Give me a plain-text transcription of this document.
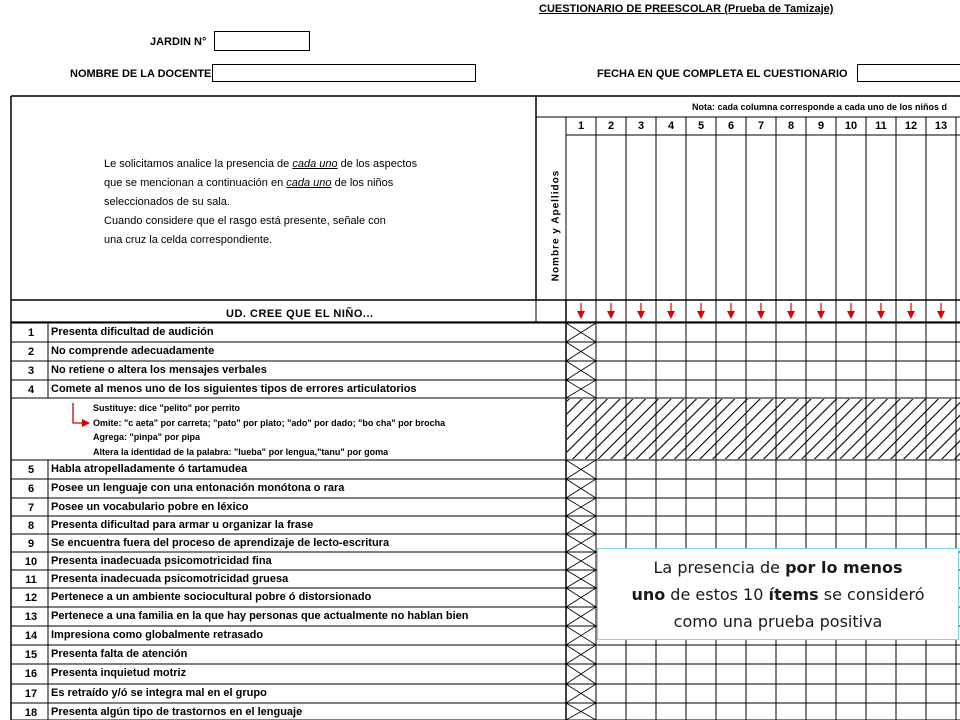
CUESTIONARIO DE PREESCOLAR (Prueba de Tamizaje)
JARDIN N°
NOMBRE DE LA DOCENTE	FECHA EN QUE COMPLETA EL CUESTIONARIO
Nota: cada columna corresponde a cada uno de los niños d
1	2	3	4	5	6	7	8	9	10	11	12	13
Nombre y Apellidos
Le solicitamos analice la presencia de cada uno de los aspectos
que se mencionan a continuación en cada uno de los niños
seleccionados de su sala.
Cuando considere que el rasgo está presente, señale con
una cruz la celda correspondiente.
UD. CREE QUE EL NIÑO...
1	Presenta dificultad de audición
2	No comprende adecuadamente
3	No retiene o altera los mensajes verbales
4	Comete al menos uno de los siguientes tipos de errores articulatorios
5	Habla atropelladamente ó tartamudea
6	Posee un lenguaje con una entonación monótona o rara
7	Posee un vocabulario pobre en léxico
8	Presenta dificultad para armar u organizar la frase
9	Se encuentra fuera del proceso de aprendizaje de lecto-escritura
10	Presenta inadecuada psicomotricidad fina
11	Presenta inadecuada psicomotricidad gruesa
12	Pertenece a un ambiente sociocultural pobre ó distorsionado
13	Pertenece a una familia en la que hay personas que actualmente no hablan bien
14	Impresiona como globalmente retrasado
15	Presenta falta de atención
16	Presenta inquietud motriz
17	Es retraído y/ó se integra mal en el grupo
18	Presenta algún tipo de trastornos en el lenguaje
Sustituye: dice "pelito" por perrito
Omite: "c aeta" por carreta; "pato" por plato; "ado" por dado; "bo cha" por brocha
Agrega: "pinpa" por pipa
Altera la identidad de la palabra: "lueba" por lengua,"tanu" por goma
La presencia de por lo menos
uno de estos 10 ítems se consideró
como una prueba positiva
